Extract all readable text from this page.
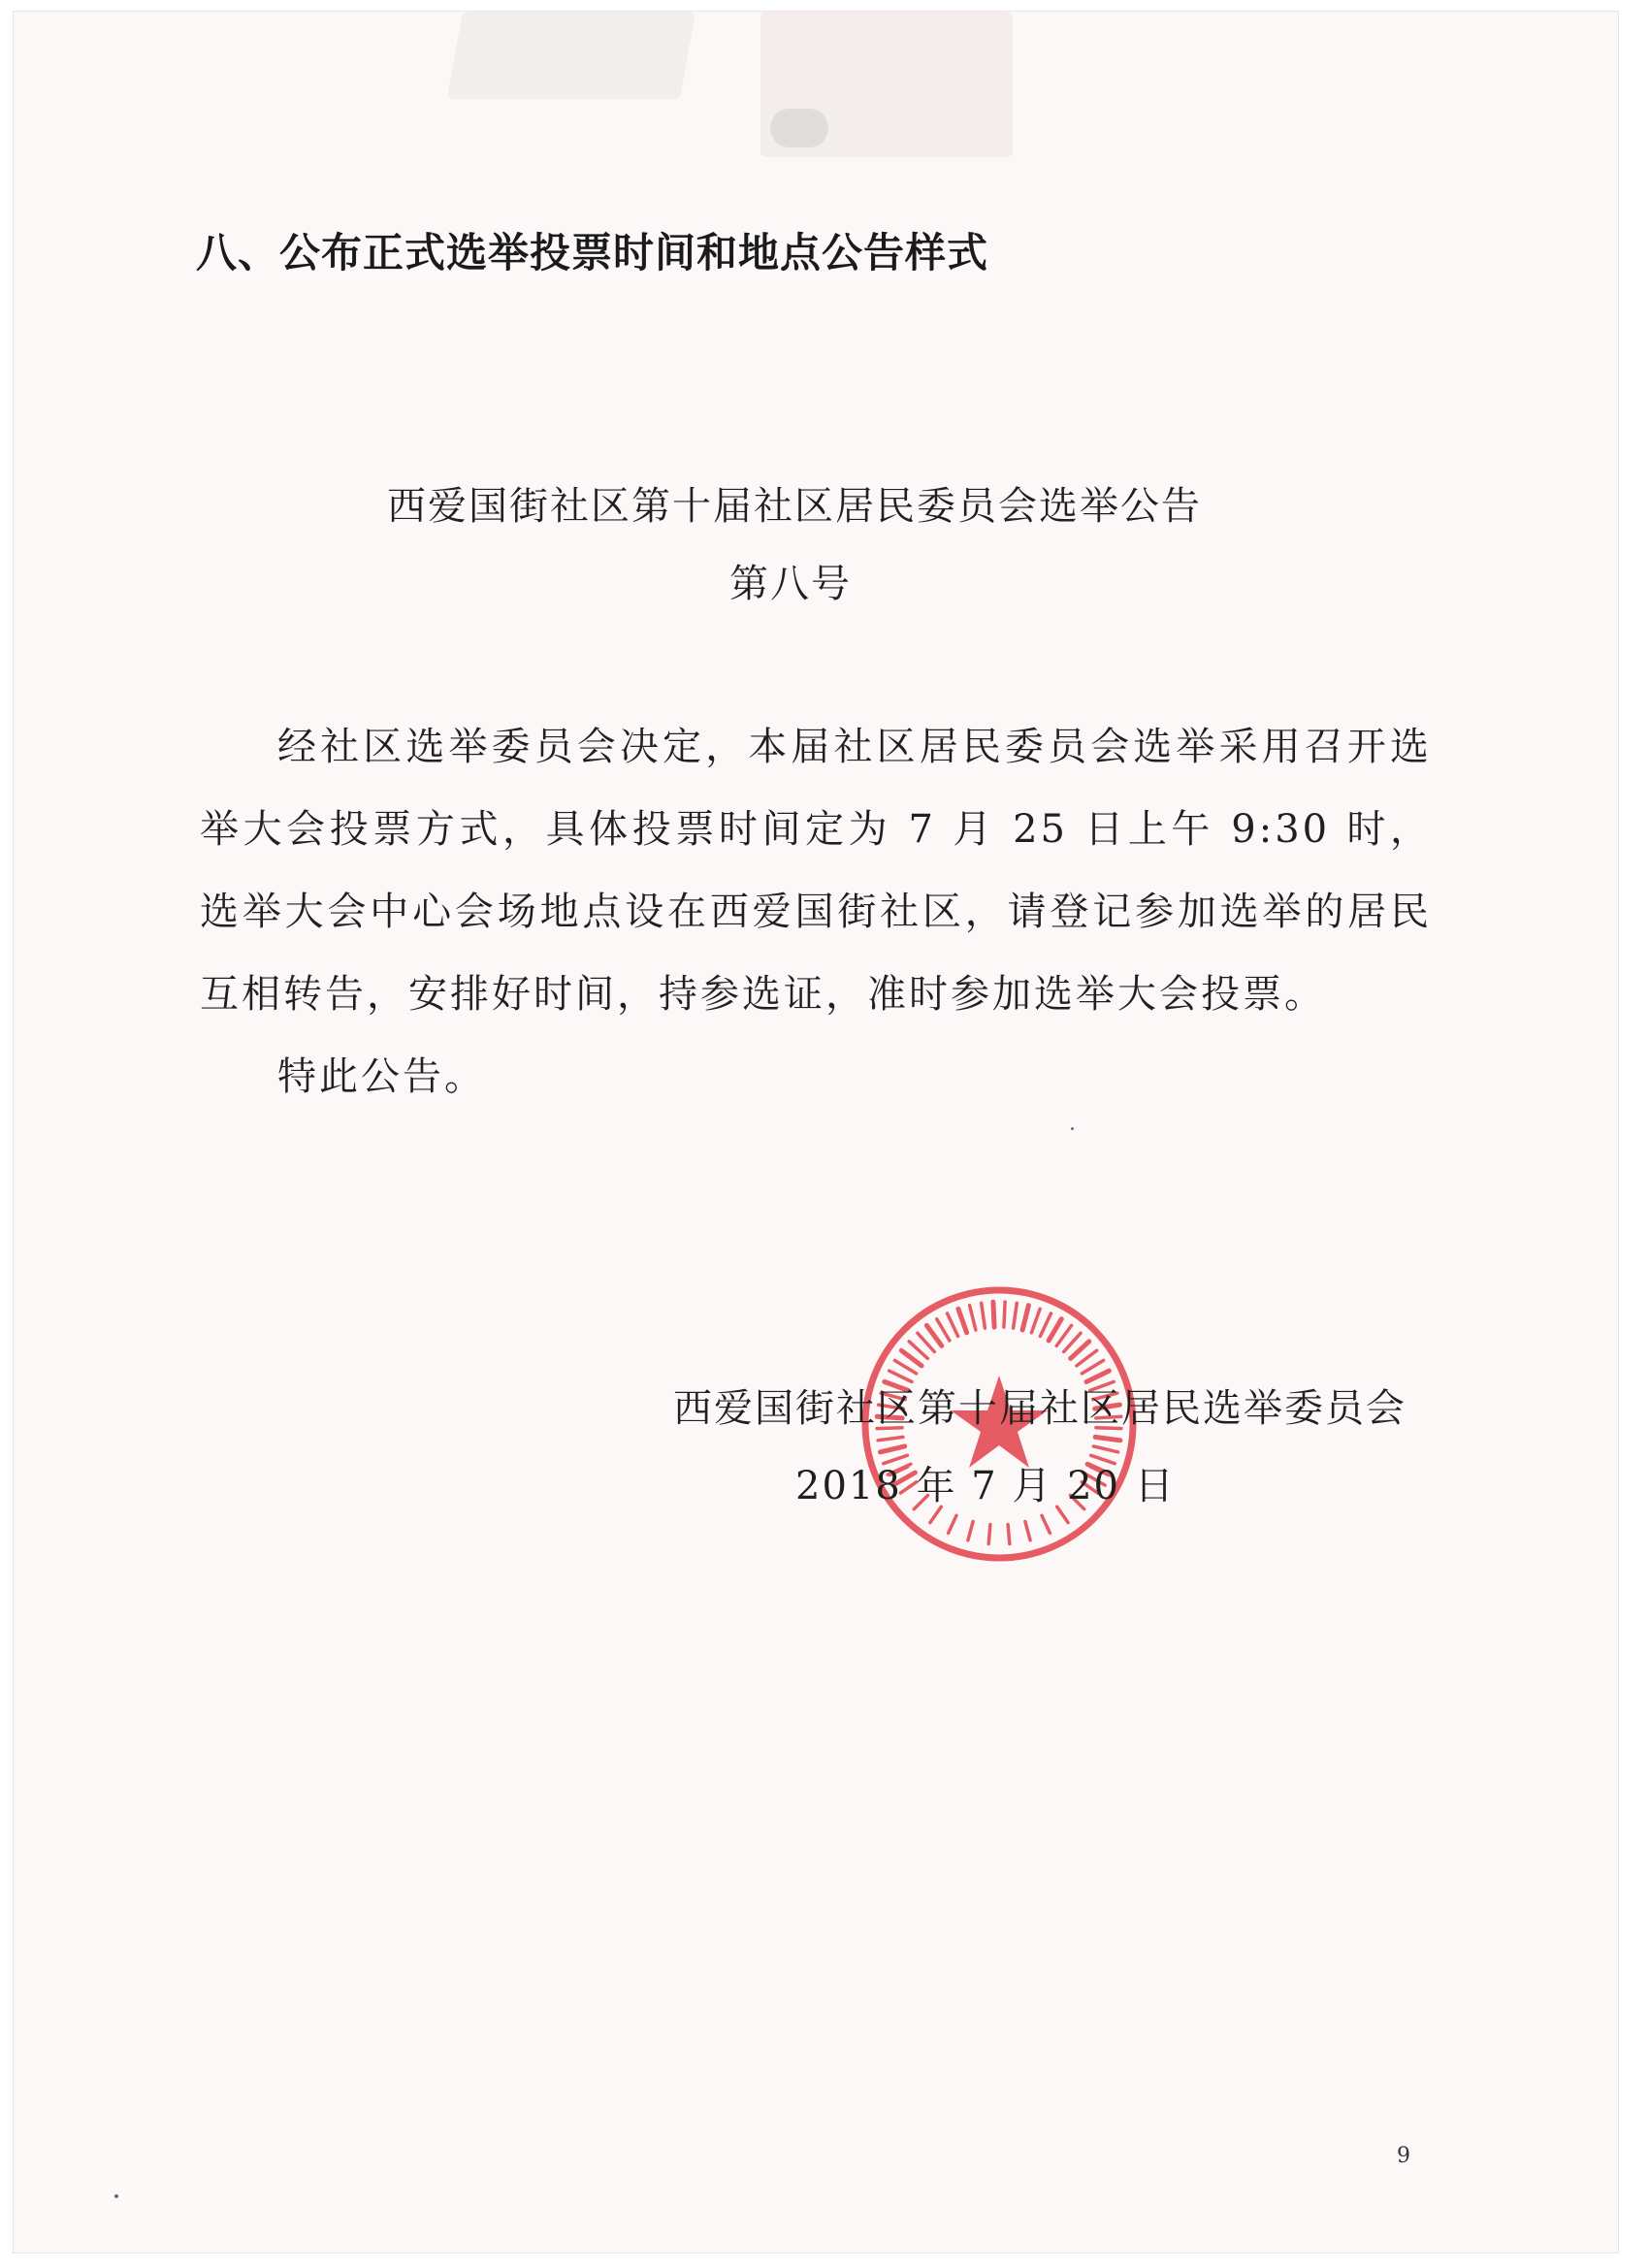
八、公布正式选举投票时间和地点公告样式

西爱国街社区第十届社区居民委员会选举公告

第八号

经社区选举委员会决定，本届社区居民委员会选举采用召开选举大会投票方式，具体投票时间定为 7 月 25 日上午 9:30 时，选举大会中心会场地点设在西爱国街社区，请登记参加选举的居民互相转告，安排好时间，持参选证，准时参加选举大会投票。

特此公告。

西爱国街社区第十届社区居民选举委员会

2018 年 7 月 20 日

9
